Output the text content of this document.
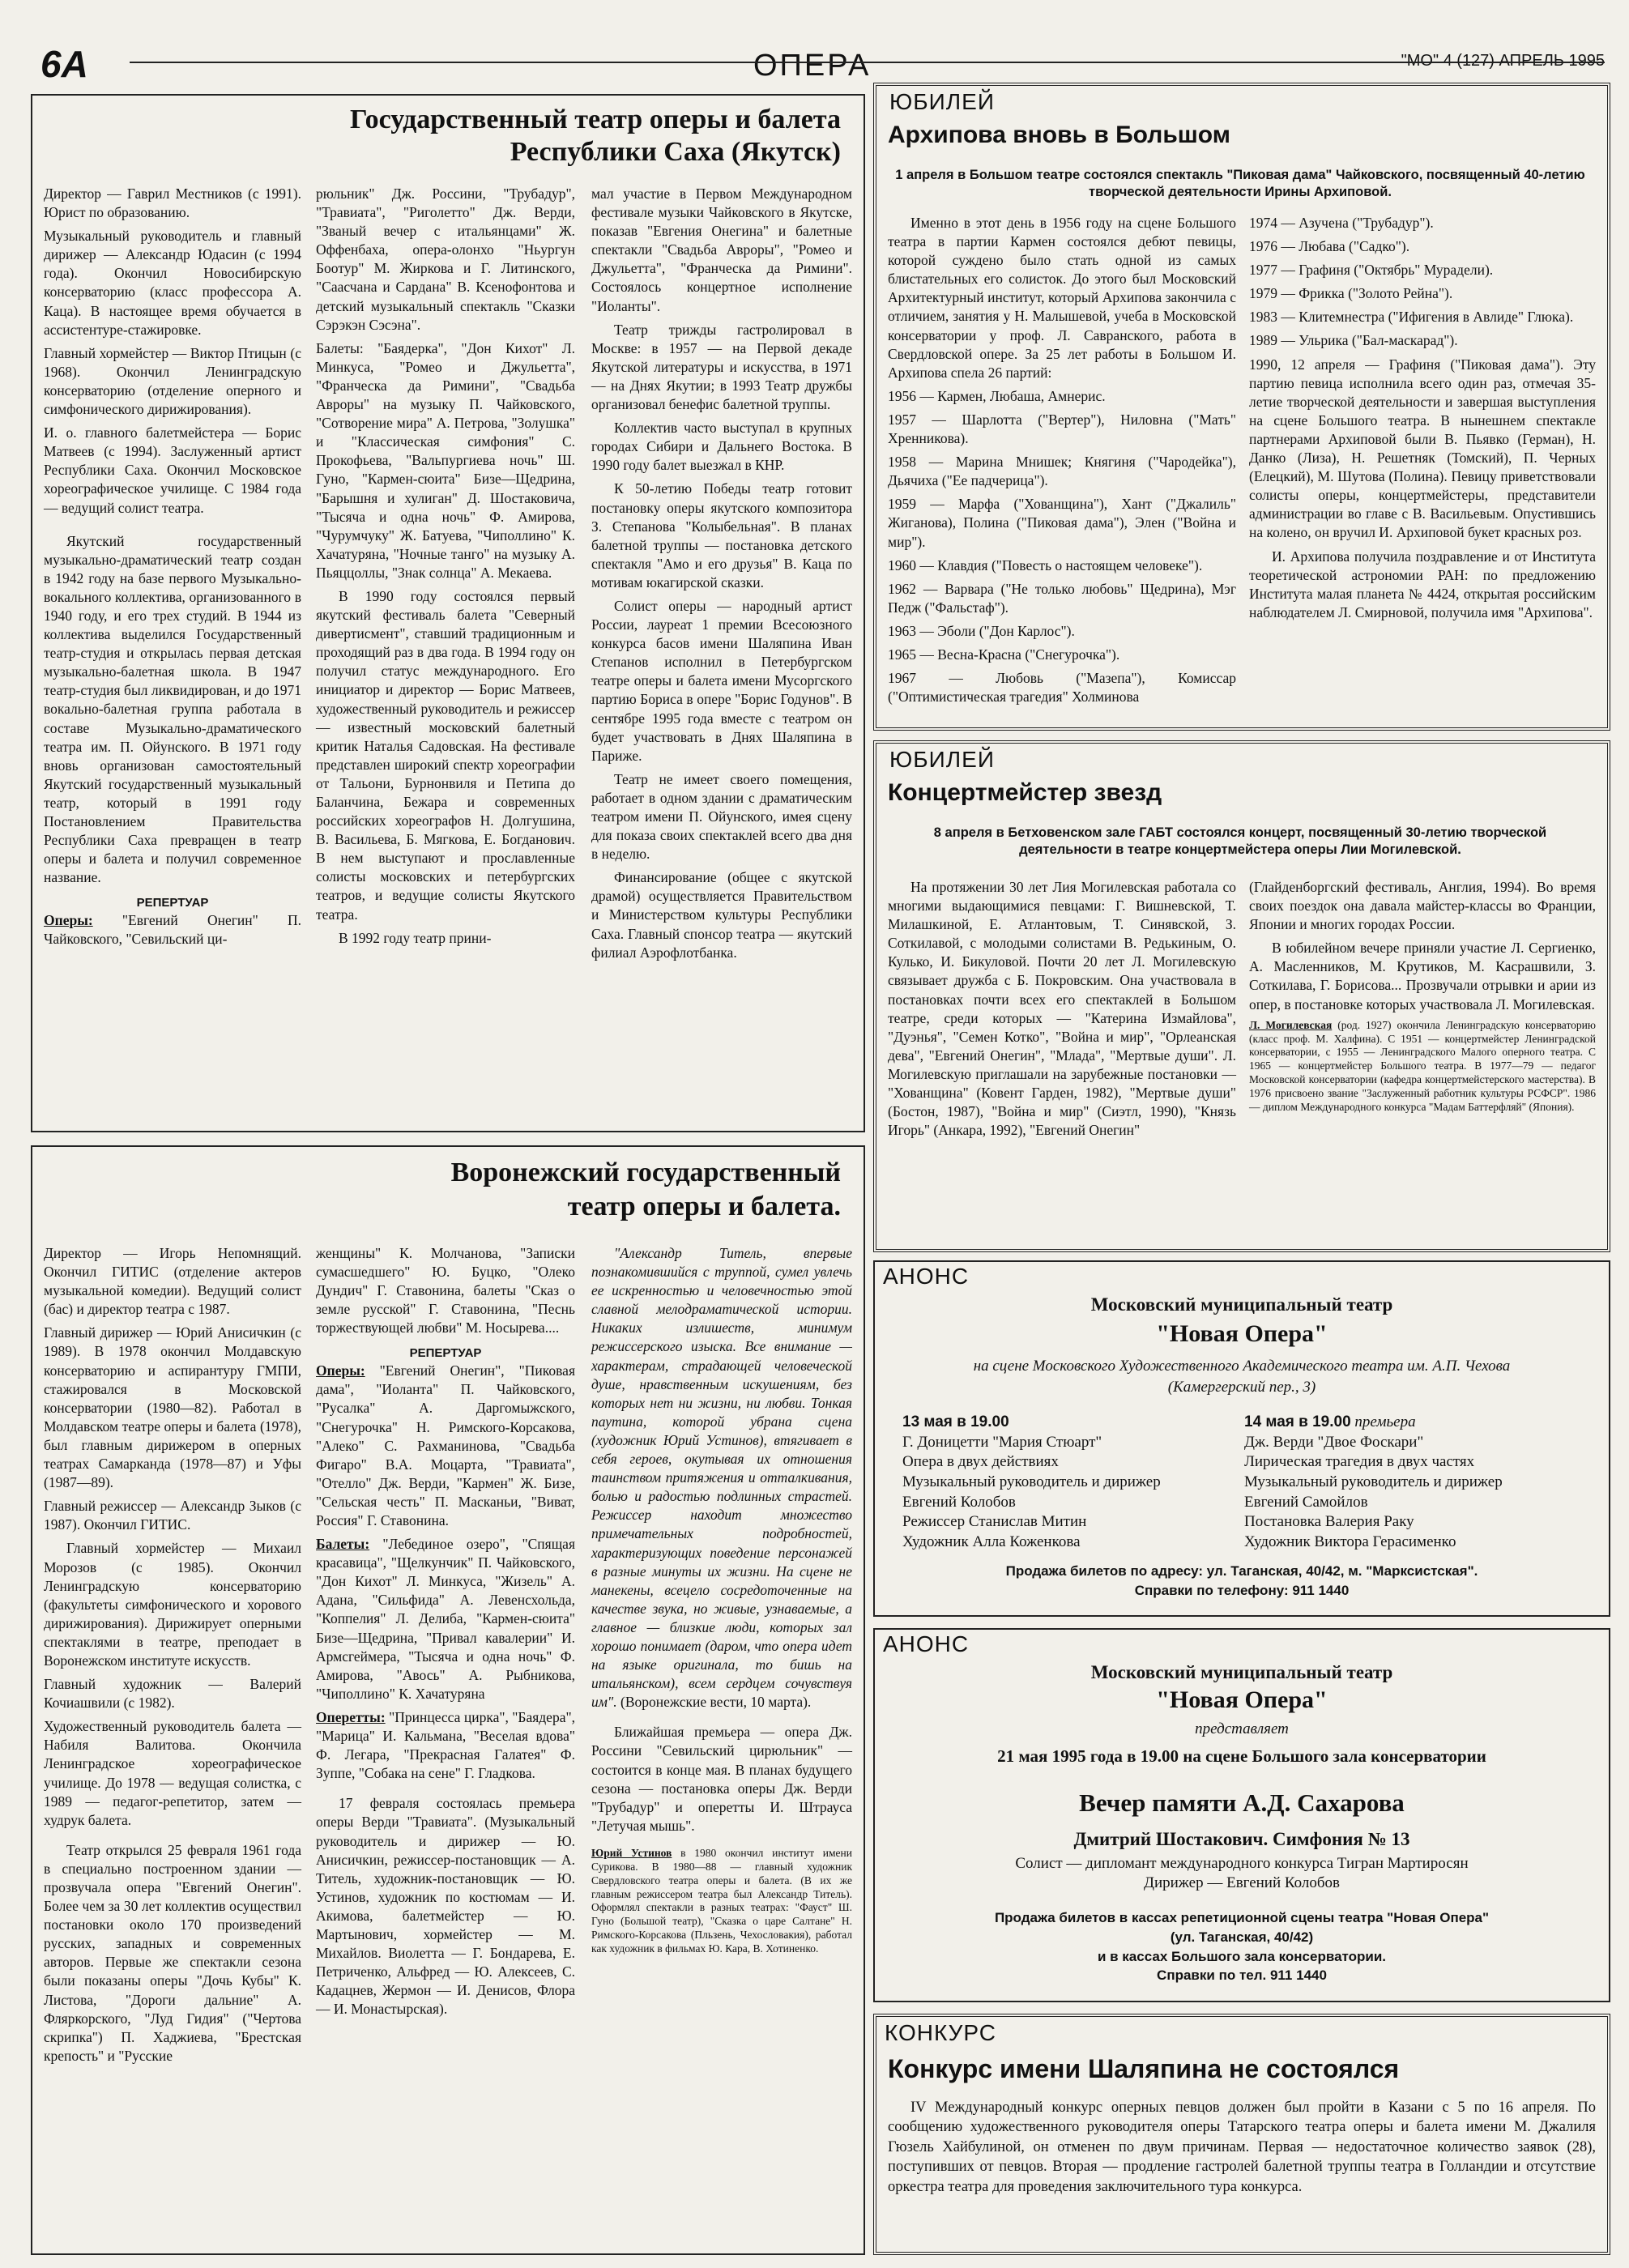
6А	ОПЕРА	"МО" 4 (127) АПРЕЛЬ 1995
Государственный театр оперы и балета
Республики Саха (Якутск)

Директор — Гаврил Местников (с 1991). Юрист по образованию.

Музыкальный руководитель и главный дирижер — Александр Юдасин (с 1994 года). Окончил Новосибирскую консерваторию (класс профессора А. Каца). В настоящее время обучается в ассистентуре-стажировке.

Главный хормейстер — Виктор Птицын (с 1968). Окончил Ленинградскую консерваторию (отделение оперного и симфонического дирижирования).

И. о. главного балетмейстера — Борис Матвеев (с 1994). Заслуженный артист Республики Саха. Окончил Московское хореографическое училище. С 1984 года — ведущий солист театра.

Якутский государственный музыкально-драматический театр создан в 1942 году на базе первого Музыкально-вокального коллектива, организованного в 1940 году, и его трех студий. В 1944 из коллектива выделился Государственный театр-студия и открылась первая детская музыкально-балетная школа. В 1947 театр-студия был ликвидирован, и до 1971 вокально-балетная группа работала в составе Музыкально-драматического театра им. П. Ойунского. В 1971 году вновь организован самостоятельный Якутский государственный музыкальный театр, который в 1991 году Постановлением Правительства Республики Саха превращен в театр оперы и балета и получил современное название.

РЕПЕРТУАР

Оперы: "Евгений Онегин" П. Чайковского, "Севильский ци-

рюльник" Дж. Россини, "Трубадур", "Травиата", "Риголетто" Дж. Верди, "Званый вечер с итальянцами" Ж. Оффенбаха, опера-олонхо "Ньургун Боотур" М. Жиркова и Г. Литинского, "Саасчана и Сардана" В. Ксенофонтова и детский музыкальный спектакль "Сказки Сэрэкэн Сэсэна".

Балеты: "Баядерка", "Дон Кихот" Л. Минкуса, "Ромео и Джульетта", "Франческа да Римини", "Свадьба Авроры" на музыку П. Чайковского, "Сотворение мира" А. Петрова, "Золушка" и "Классическая симфония" С. Прокофьева, "Вальпургиева ночь" Ш. Гуно, "Кармен-сюита" Бизе—Щедрина, "Барышня и хулиган" Д. Шостаковича, "Тысяча и одна ночь" Ф. Амирова, "Чурумчуку" Ж. Батуева, "Чиполлино" К. Хачатуряна, "Ночные танго" на музыку А. Пьяццоллы, "Знак солнца" А. Мекаева.

В 1990 году состоялся первый якутский фестиваль балета "Северный дивертисмент", ставший традиционным и проходящий раз в два года. В 1994 году он получил статус международного. Его инициатор и директор — Борис Матвеев, художественный руководитель и режиссер — известный московский балетный критик Наталья Садовская. На фестивале представлен широкий спектр хореографии от Тальони, Бурнонвиля и Петипа до Баланчина, Бежара и современных российских хореографов Н. Долгушина, В. Васильева, Б. Мягкова, Е. Богданович. В нем выступают и прославленные солисты московских и петербургских театров, и ведущие солисты Якутского театра.

В 1992 году театр прини-

мал участие в Первом Международном фестивале музыки Чайковского в Якутске, показав "Евгения Онегина" и балетные спектакли "Свадьба Авроры", "Ромео и Джульетта", "Франческа да Римини". Состоялось концертное исполнение "Иоланты".

Театр трижды гастролировал в Москве: в 1957 — на Первой декаде Якутской литературы и искусства, в 1971 — на Днях Якутии; в 1993 Театр дружбы организовал бенефис балетной труппы.

Коллектив часто выступал в крупных городах Сибири и Дальнего Востока. В 1990 году балет выезжал в КНР.

К 50-летию Победы театр готовит постановку оперы якутского композитора З. Степанова "Колыбельная". В планах балетной труппы — постановка детского спектакля "Амо и его друзья" В. Каца по мотивам юкагирской сказки.

Солист оперы — народный артист России, лауреат 1 премии Всесоюзного конкурса басов имени Шаляпина Иван Степанов исполнил в Петербургском театре оперы и балета имени Мусоргского партию Бориса в опере "Борис Годунов". В сентябре 1995 года вместе с театром он будет участвовать в Днях Шаляпина в Париже.

Театр не имеет своего помещения, работает в одном здании с драматическим театром имени П. Ойунского, имея сцену для показа своих спектаклей всего два дня в неделю.

Финансирование (общее с якутской драмой) осуществляется Правительством и Министерством культуры Республики Саха. Главный спонсор театра — якутский филиал Аэрофлотбанка.

Воронежский государственный
театр оперы и балета.

Директор — Игорь Непомнящий. Окончил ГИТИС (отделение актеров музыкальной комедии). Ведущий солист (бас) и директор театра с 1987.

Главный дирижер — Юрий Анисичкин (с 1989). В 1978 окончил Молдавскую консерваторию и аспирантуру ГМПИ, стажировался в Московской консерватории (1980—82). Работал в Молдавском театре оперы и балета (1978), был главным дирижером в оперных театрах Самарканда (1978—87) и Уфы (1987—89).

Главный режиссер — Александр Зыков (с 1987). Окончил ГИТИС.

Главный хормейстер — Михаил Морозов (с 1985). Окончил Ленинградскую консерваторию (факультеты симфонического и хорового дирижирования). Дирижирует оперными спектаклями в театре, преподает в Воронежском институте искусств.

Главный художник — Валерий Кочиашвили (с 1982).

Художественный руководитель балета — Набиля Валитова. Окончила Ленинградское хореографическое училище. До 1978 — ведущая солистка, с 1989 — педагог-репетитор, затем — худрук балета.

Театр открылся 25 февраля 1961 года в специально построенном здании — прозвучала опера "Евгений Онегин". Более чем за 30 лет коллектив осуществил постановки около 170 произведений русских, западных и современных авторов. Первые же спектакли сезона были показаны оперы "Дочь Кубы" К. Листова, "Дороги дальние" А. Фляркорского, "Луд Гидия" ("Чертова скрипка") П. Хаджиева, "Брестская крепость" и "Русские

женщины" К. Молчанова, "Записки сумасшедшего" Ю. Буцко, "Олеко Дундич" Г. Ставонина, балеты "Сказ о земле русской" Г. Ставонина, "Песнь торжествующей любви" М. Носырева....

РЕПЕРТУАР

Оперы: "Евгений Онегин", "Пиковая дама", "Иоланта" П. Чайковского, "Русалка" А. Даргомыжского, "Снегурочка" Н. Римского-Корсакова, "Алеко" С. Рахманинова, "Свадьба Фигаро" В.А. Моцарта, "Травиата", "Отелло" Дж. Верди, "Кармен" Ж. Бизе, "Сельская честь" П. Масканьи, "Виват, Россия" Г. Ставонина.

Балеты: "Лебединое озеро", "Спящая красавица", "Щелкунчик" П. Чайковского, "Дон Кихот" Л. Минкуса, "Жизель" А. Адана, "Сильфида" А. Левенсхольда, "Коппелия" Л. Делиба, "Кармен-сюита" Бизе—Щедрина, "Привал кавалерии" И. Армсгеймера, "Тысяча и одна ночь" Ф. Амирова, "Авось" А. Рыбникова, "Чиполлино" К. Хачатуряна

Оперетты: "Принцесса цирка", "Баядера", "Марица" И. Кальмана, "Веселая вдова" Ф. Легара, "Прекрасная Галатея" Ф. Зуппе, "Собака на сене" Г. Гладкова.

17 февраля состоялась премьера оперы Верди "Травиата". (Музыкальный руководитель и дирижер — Ю. Анисичкин, режиссер-постановщик — А. Титель, художник-постановщик — Ю. Устинов, художник по костюмам — И. Акимова, балетмейстер — Ю. Мартынович, хормейстер — М. Михайлов. Виолетта — Г. Бондарева, Е. Петриченко, Альфред — Ю. Алексеев, С. Кадацнев, Жермон — И. Денисов, Флора — И. Монастырская).

"Александр Титель, впервые познакомившийся с труппой, сумел увлечь ее искренностью и человечностью этой славной мелодраматической истории. Никаких излишеств, минимум режиссерского изыска. Все внимание — характерам, страдающей человеческой душе, нравственным искушениям, без которых нет ни жизни, ни любви. Тонкая паутина, которой убрана сцена (художник Юрий Устинов), втягивает в себя героев, окутывая их отношения таинством притяжения и отталкивания, болью и радостью подлинных страстей. Режиссер находит множество примечательных подробностей, характеризующих поведение персонажей в разные минуты их жизни. На сцене не манекены, всецело сосредоточенные на качестве звука, но живые, узнаваемые, а главное — близкие люди, которых зал хорошо понимает (даром, что опера идет на языке оригинала, то бишь на итальянском), всем сердцем сочувствуя им". (Воронежские вести, 10 марта).

Ближайшая премьера — опера Дж. Россини "Севильский цирюльник" — состоится в конце мая. В планах будущего сезона — постановка оперы Дж. Верди "Трубадур" и оперетты И. Штрауса "Летучая мышь".

Юрий Устинов в 1980 окончил институт имени Сурикова. В 1980—88 — главный художник Свердловского театра оперы и балета. (В их же главным режиссером театра был Александр Титель). Оформлял спектакли в разных театрах: "Фауст" Ш. Гуно (Большой театр), "Сказка о царе Салтане" Н. Римского-Корсакова (Пльзень, Чехословакия), работал как художник в фильмах Ю. Кара, В. Хотиненко.

ЮБИЛЕЙ
Архипова вновь в Большом
1 апреля в Большом театре состоялся спектакль "Пиковая дама" Чайковского, посвященный 40-летию творческой деятельности Ирины Архиповой.

Именно в этот день в 1956 году на сцене Большого театра в партии Кармен состоялся дебют певицы, которой суждено было стать одной из самых блистательных его солисток. До этого был Московский Архитектурный институт, который Архипова закончила с отличием, занятия у Н. Малышевой, учеба в Московской консерватории у проф. Л. Савранского, работа в Свердловской опере. За 25 лет работы в Большом И. Архипова спела 26 партий:

1956 — Кармен, Любаша, Амнерис.

1957 — Шарлотта ("Вертер"), Ниловна ("Мать" Хренникова).

1958 — Марина Мнишек; Княгиня ("Чародейка"), Дьячиха ("Ее падчерица").

1959 — Марфа ("Хованщина"), Хант ("Джалиль" Жиганова), Полина ("Пиковая дама"), Элен ("Война и мир").

1960 — Клавдия ("Повесть о настоящем человеке").

1962 — Варвара ("Не только любовь" Щедрина), Мэг Педж ("Фальстаф").

1963 — Эболи ("Дон Карлос").

1965 — Весна-Красна ("Снегурочка").

1967 — Любовь ("Мазепа"), Комиссар ("Оптимистическая трагедия" Холминова

1974 — Азучена ("Трубадур").

1976 — Любава ("Садко").

1977 — Графиня ("Октябрь" Мурадели).

1979 — Фрикка ("Золото Рейна").

1983 — Клитемнестра ("Ифигения в Авлиде" Глюка).

1989 — Ульрика ("Бал-маскарад").

1990, 12 апреля — Графиня ("Пиковая дама"). Эту партию певица исполнила всего один раз, отмечая 35-летие творческой деятельности и завершая выступления на сцене Большого театра. В нынешнем спектакле партнерами Архиповой были В. Пьявко (Герман), Н. Данко (Лиза), Н. Решетняк (Томский), П. Черных (Елецкий), М. Шутова (Полина). Певицу приветствовали солисты оперы, концертмейстеры, представители администрации во главе с В. Васильевым. Опустившись на колено, он вручил И. Архиповой букет красных роз.

И. Архипова получила поздравление и от Института теоретической астрономии РАН: по предложению Института малая планета № 4424, открытая российским наблюдателем Л. Смирновой, получила имя "Архипова".

ЮБИЛЕЙ
Концертмейстер звезд
8 апреля в Бетховенском зале ГАБТ состоялся концерт, посвященный 30-летию творческой деятельности в театре концертмейстера оперы Лии Могилевской.

На протяжении 30 лет Лия Могилевская работала со многими выдающимися певцами: Г. Вишневской, Т. Милашкиной, Е. Атлантовым, Т. Синявской, З. Соткилавой, с молодыми солистами В. Редькиным, О. Кулько, И. Бикуловой. Почти 20 лет Л. Могилевскую связывает дружба с Б. Покровским. Она участвовала в постановках почти всех его спектаклей в Большом театре, среди которых — "Катерина Измайлова", "Дуэнья", "Семен Котко", "Война и мир", "Орлеанская дева", "Евгений Онегин", "Млада", "Мертвые души". Л. Могилевскую приглашали на зарубежные постановки — "Хованщина" (Ковент Гарден, 1982), "Мертвые души" (Бостон, 1987), "Война и мир" (Сиэтл, 1990), "Князь Игорь" (Анкара, 1992), "Евгений Онегин"

(Глайденборгский фестиваль, Англия, 1994). Во время своих поездок она давала майстер-классы во Франции, Японии и многих городах России.

В юбилейном вечере приняли участие Л. Сергиенко, А. Масленников, М. Крутиков, М. Касрашвили, З. Соткилава, Г. Борисова... Прозвучали отрывки и арии из опер, в постановке которых участвовала Л. Могилевская.

Л. Могилевская (род. 1927) окончила Ленинградскую консерваторию (класс проф. М. Халфина). С 1951 — концертмейстер Ленинградской консерватории, с 1955 — Ленинградского Малого оперного театра. С 1965 — концертмейстер Большого театра. В 1977—79 — педагог Московской консерватории (кафедра концертмейстерского мастерства). В 1976 присвоено звание "Заслуженный работник культуры РСФСР". 1986 — диплом Международного конкурса "Мадам Баттерфляй" (Япония).

АНОНС
Московский муниципальный театр
"Новая Опера"
на сцене Московского Художественного Академического театра им. А.П. Чехова
(Камергерский пер., 3)
13 мая в 19.00
Г. Доницетти "Мария Стюарт"
Опера в двух действиях
Музыкальный руководитель и дирижер
Евгений Колобов
Режиссер Станислав Митин
Художник Алла Коженкова
14 мая в 19.00 премьера
Дж. Верди "Двое Фоскари"
Лирическая трагедия в двух частях
Музыкальный руководитель и дирижер
Евгений Самойлов
Постановка Валерия Раку
Художник Виктора Герасименко
Продажа билетов по адресу: ул. Таганская, 40/42, м. "Марксистская".
Справки по телефону: 911 1440
АНОНС
Московский муниципальный театр
"Новая Опера"
представляет
21 мая 1995 года в 19.00 на сцене Большого зала консерватории
Вечер памяти А.Д. Сахарова
Дмитрий Шостакович. Симфония № 13
Солист — дипломант международного конкурса Тигран Мартиросян
Дирижер — Евгений Колобов
Продажа билетов в кассах репетиционной сцены театра "Новая Опера"
(ул. Таганская, 40/42)
и в кассах Большого зала консерватории.
Справки по тел. 911 1440
КОНКУРС
Конкурс имени Шаляпина не состоялся

IV Международный конкурс оперных певцов должен был пройти в Казани с 5 по 16 апреля. По сообщению художественного руководителя оперы Татарского театра оперы и балета имени М. Джалиля Гюзель Хайбулиной, он отменен по двум причинам. Первая — недостаточное количество заявок (28), поступивших от певцов. Вторая — продление гастролей балетной труппы театра в Голландии и отсутствие оркестра театра для проведения заключительного тура конкурса.
